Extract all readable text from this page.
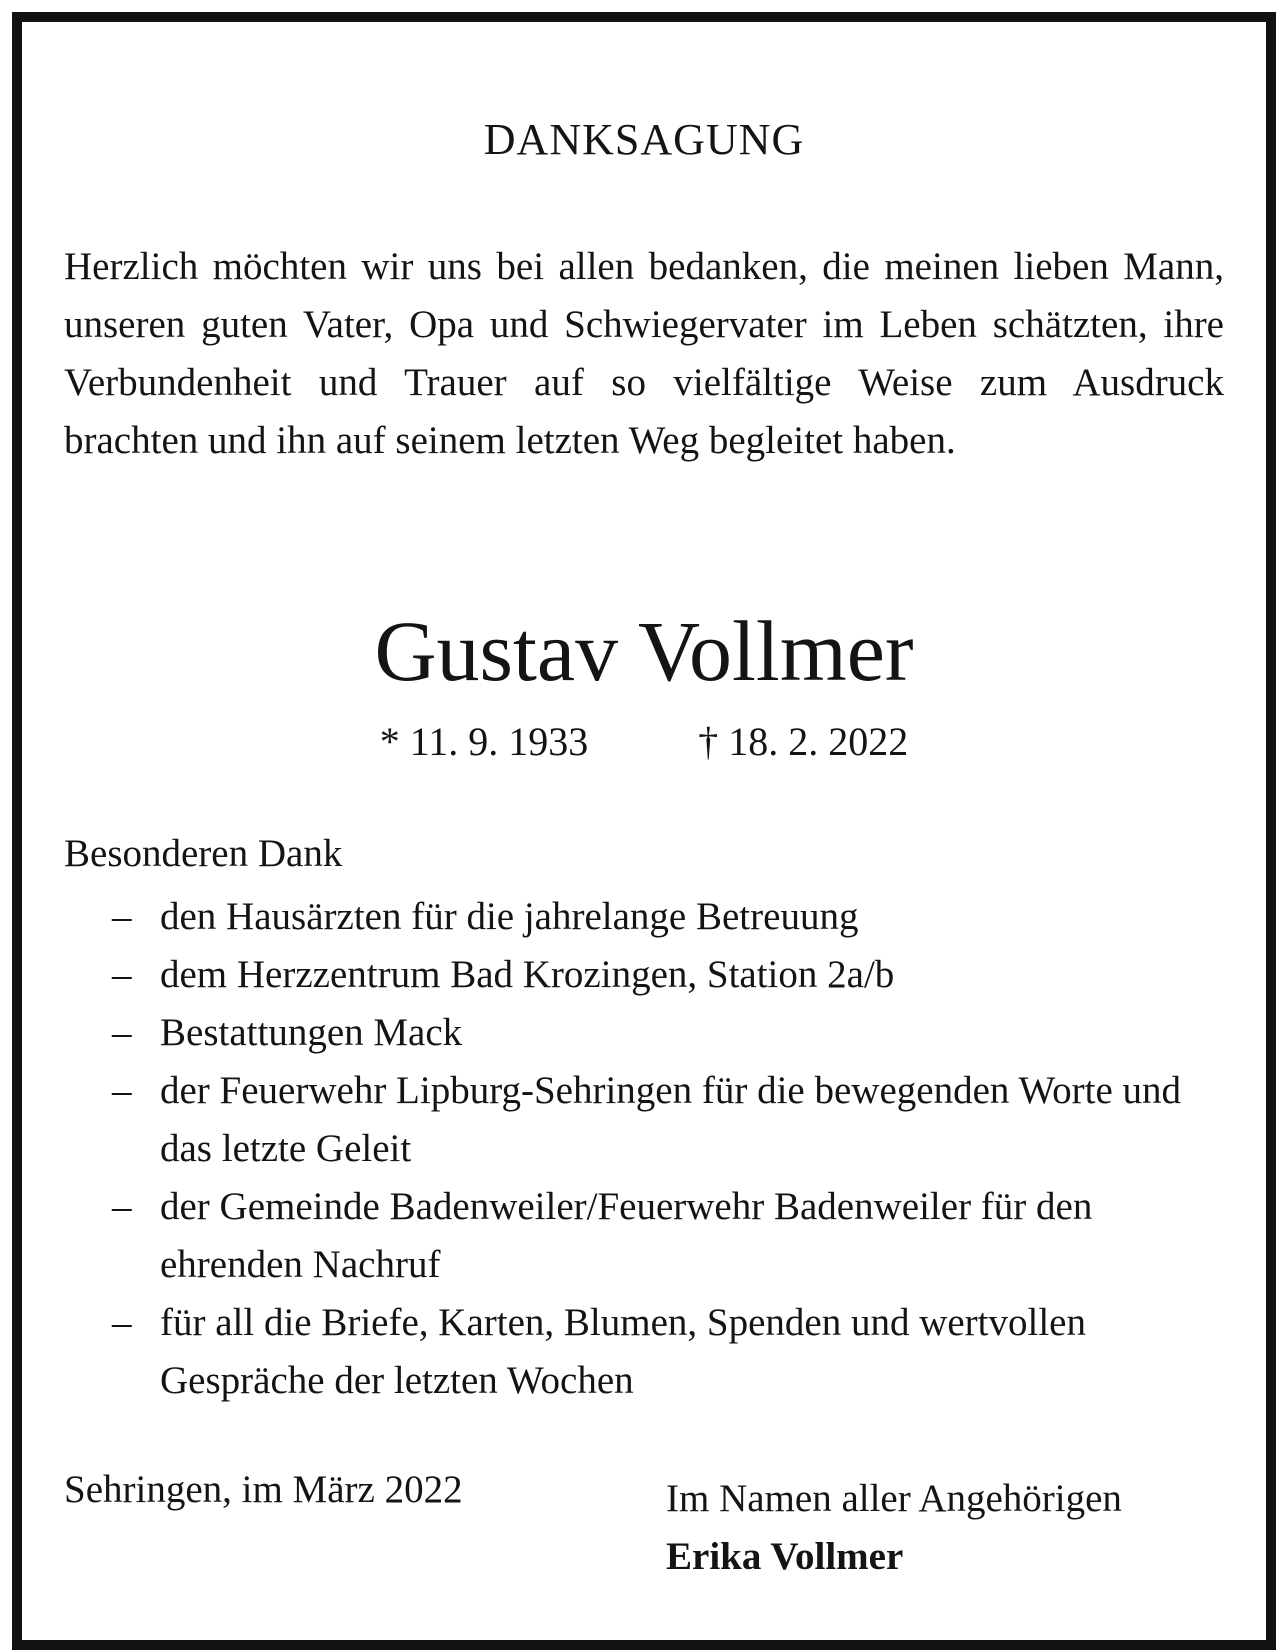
DANKSAGUNG

Herzlich möchten wir uns bei allen bedanken, die meinen lieben Mann, unseren guten Vater, Opa und Schwiegervater im Leben schätzten, ihre Verbundenheit und Trauer auf so vielfältige Weise zum Ausdruck brachten und ihn auf seinem letzten Weg begleitet haben.

Gustav Vollmer
* 11. 9. 1933	† 18. 2. 2022
Besonderen Dank
– den Hausärzten für die jahrelange Betreuung
– dem Herzzentrum Bad Krozingen, Station 2a/b
– Bestattungen Mack
– der Feuerwehr Lipburg-Sehringen für die bewegenden Worte und das letzte Geleit
– der Gemeinde Badenweiler/Feuerwehr Badenweiler für den ehrenden Nachruf
– für all die Briefe, Karten, Blumen, Spenden und wertvollen Gespräche der letzten Wochen
Sehringen, im März 2022	Im Namen aller Angehörigen
Erika Vollmer
